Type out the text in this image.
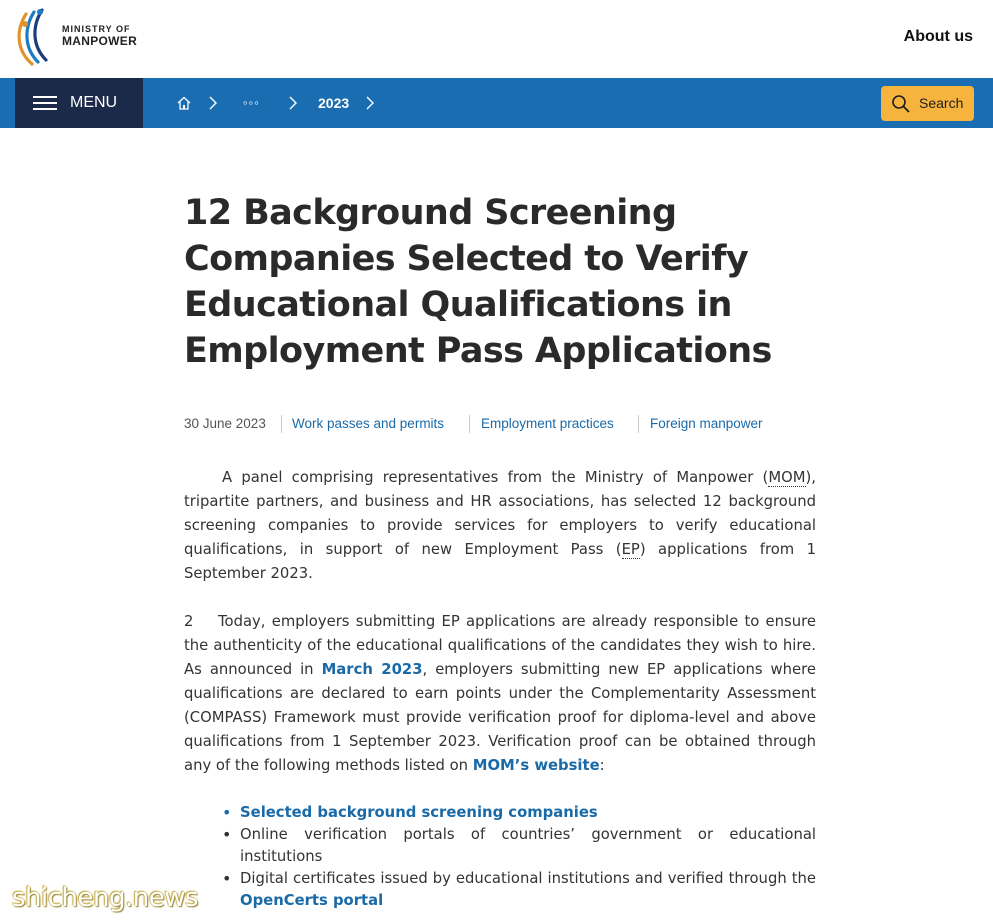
MINISTRY OF
MANPOWER	About us
MENU	◦◦◦	2023	Search
12 Background Screening Companies Selected to Verify Educational Qualifications in Employment Pass Applications
30 June 2023 Work passes and permits	Employment practices	Foreign manpower
A panel comprising representatives from the Ministry of Manpower (MOM), tripartite partners, and business and HR associations, has selected 12 background screening companies to provide services for employers to verify educational qualifications, in support of new Employment Pass (EP) applications from 1 September 2023.
2 Today, employers submitting EP applications are already responsible to ensure the authenticity of the educational qualifications of the candidates they wish to hire. As announced in March 2023, employers submitting new EP applications where qualifications are declared to earn points under the Complementarity Assessment (COMPASS) Framework must provide verification proof for diploma-level and above qualifications from 1 September 2023. Verification proof can be obtained through any of the following methods listed on MOM’s website:
• Selected background screening companies
• Online verification portals of countries’ government or educational institutions
• Digital certificates issued by educational institutions and verified through the OpenCerts portal
shicheng.news
